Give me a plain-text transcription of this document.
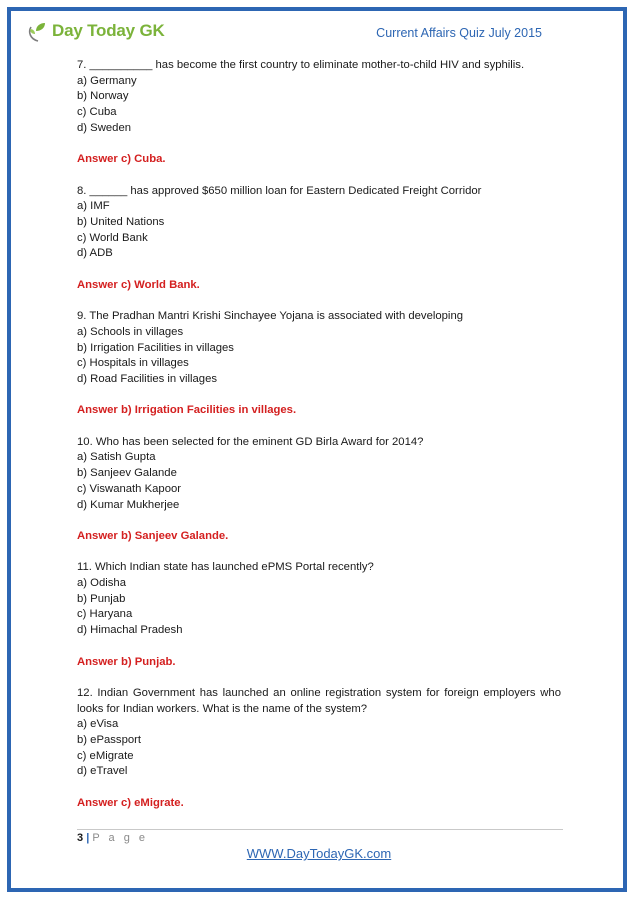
Day Today GK	Current Affairs Quiz July 2015

7. __________ has become the first country to eliminate mother-to-child HIV and syphilis.

a) Germany

b) Norway

c) Cuba

d) Sweden

Answer c) Cuba.

8. ______ has approved $650 million loan for Eastern Dedicated Freight Corridor

a) IMF

b) United Nations

c) World Bank

d) ADB

Answer c) World Bank.

9. The Pradhan Mantri Krishi Sinchayee Yojana is associated with developing

a) Schools in villages

b) Irrigation Facilities in villages

c) Hospitals in villages

d) Road Facilities in villages

Answer b) Irrigation Facilities in villages.

10. Who has been selected for the eminent GD Birla Award for 2014?

a) Satish Gupta

b) Sanjeev Galande

c) Viswanath Kapoor

d) Kumar Mukherjee

Answer b) Sanjeev Galande.

11. Which Indian state has launched ePMS Portal recently?

a) Odisha

b) Punjab

c) Haryana

d) Himachal Pradesh

Answer b) Punjab.

12. Indian Government has launched an online registration system for foreign employers who looks for Indian workers. What is the name of the system?

a) eVisa

b) ePassport

c) eMigrate

d) eTravel

Answer c) eMigrate.

3 | P a g e
WWW.DayTodayGK.com
